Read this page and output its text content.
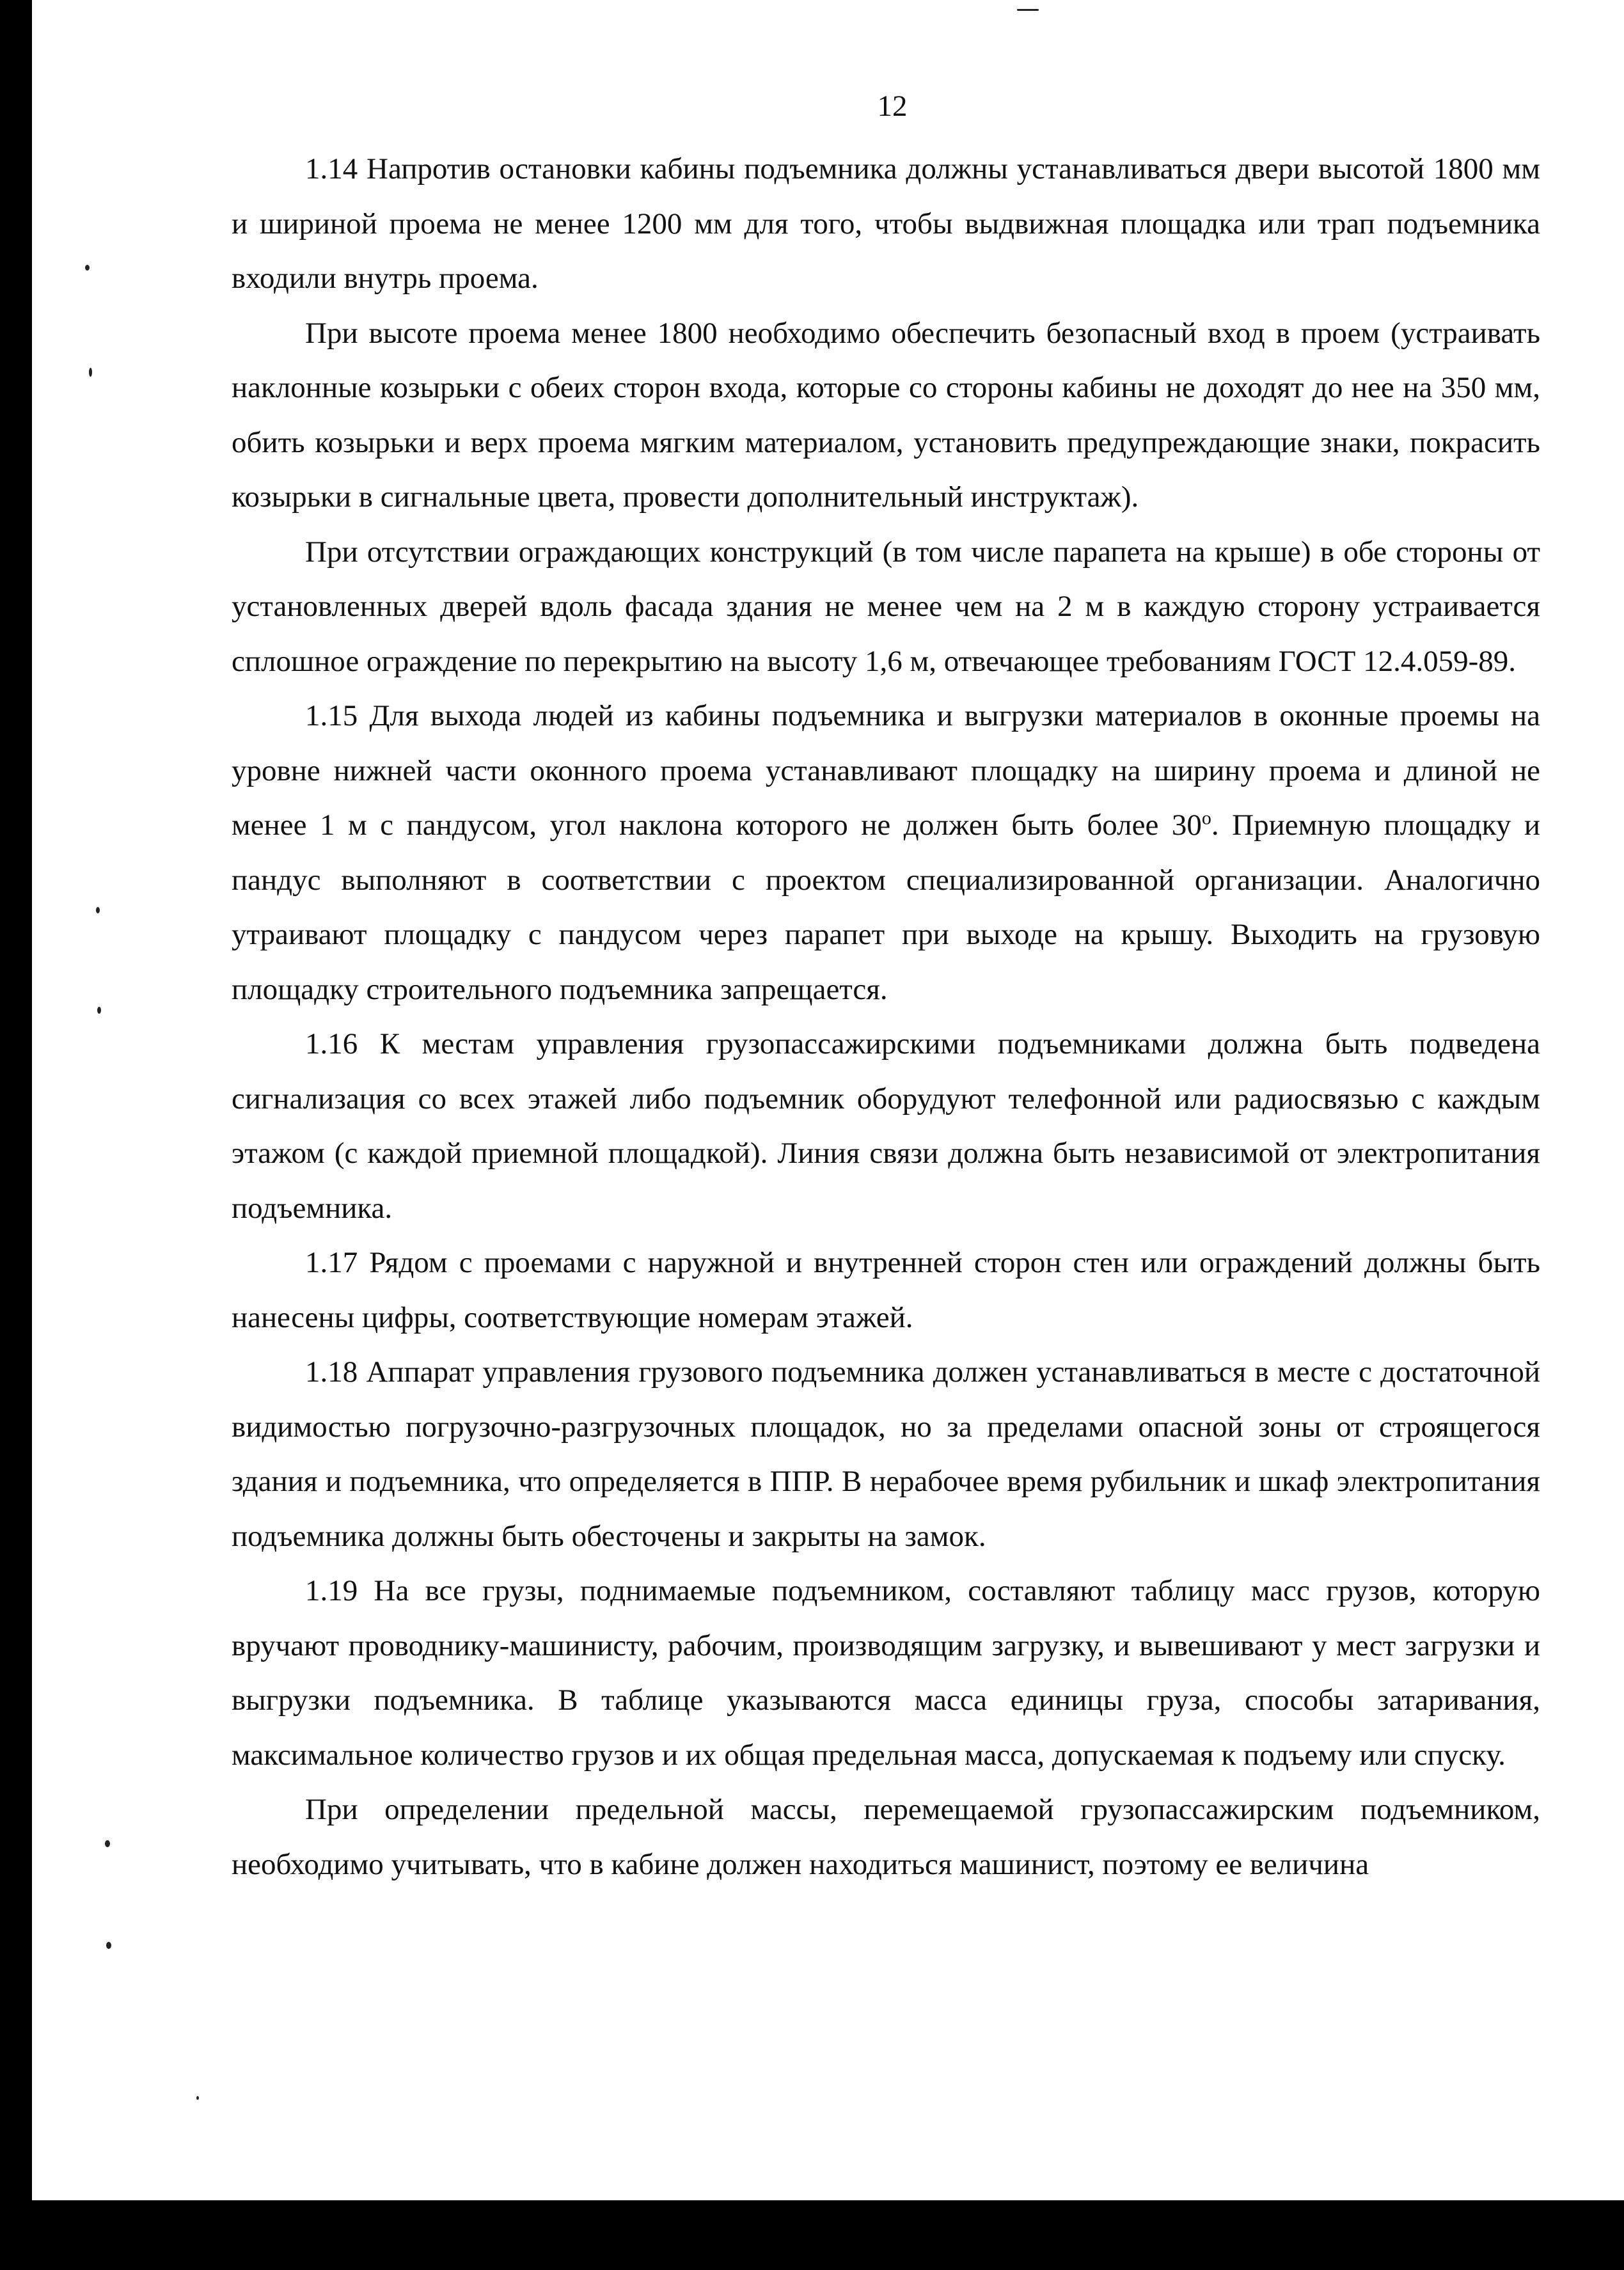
12

1.14 Напротив остановки кабины подъемника должны устанавливаться двери высотой 1800 мм и шириной проема не менее 1200 мм для того, чтобы выдвижная площадка или трап подъемника входили внутрь проема.

При высоте проема менее 1800 необходимо обеспечить безопасный вход в проем (устраивать наклонные козырьки с обеих сторон входа, которые со стороны кабины не доходят до нее на 350 мм, обить козырьки и верх проема мягким материалом, установить предупреждающие знаки, покрасить козырьки в сигнальные цвета, провести дополнительный инструктаж).

При отсутствии ограждающих конструкций (в том числе парапета на крыше) в обе стороны от установленных дверей вдоль фасада здания не менее чем на 2 м в каждую сторону устраивается сплошное ограждение по перекрытию на высоту 1,6 м, отвечающее требованиям ГОСТ 12.4.059-89.

1.15 Для выхода людей из кабины подъемника и выгрузки материалов в оконные проемы на уровне нижней части оконного проема устанавливают площадку на ширину проема и длиной не менее 1 м с пандусом, угол наклона которого не должен быть более 30$^o$. Приемную площадку и пандус выполняют в соответствии с проектом специализированной организации. Аналогично утраивают площадку с пандусом через парапет при выходе на крышу. Выходить на грузовую площадку строительного подъемника запрещается.

1.16 К местам управления грузопассажирскими подъемниками должна быть подведена сигнализация со всех этажей либо подъемник оборудуют телефонной или радиосвязью с каждым этажом (с каждой приемной площадкой). Линия связи должна быть независимой от электропитания подъемника.

1.17 Рядом с проемами с наружной и внутренней сторон стен или ограждений должны быть нанесены цифры, соответствующие номерам этажей.

1.18 Аппарат управления грузового подъемника должен устанавливаться в месте с достаточной видимостью погрузочно-разгрузочных площадок, но за пределами опасной зоны от строящегося здания и подъемника, что определяется в ППР. В нерабочее время рубильник и шкаф электропитания подъемника должны быть обесточены и закрыты на замок.

1.19 На все грузы, поднимаемые подъемником, составляют таблицу масс грузов, которую вручают проводнику-машинисту, рабочим, производящим загрузку, и вывешивают у мест загрузки и выгрузки подъемника. В таблице указываются масса единицы груза, способы затаривания, максимальное количество грузов и их общая предельная масса, допускаемая к подъему или спуску.

При определении предельной массы, перемещаемой грузопассажирским подъемником, необходимо учитывать, что в кабине должен находиться машинист, поэтому ее величина
